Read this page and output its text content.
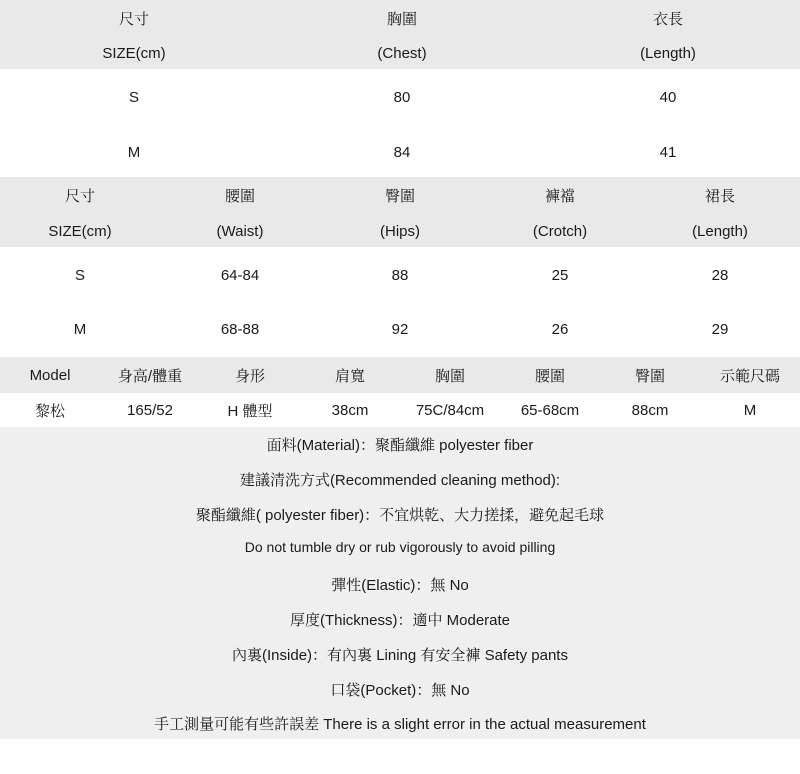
尺寸	胸圍	衣長
SIZE(cm)	(Chest)	(Length)
S	80	40
M	84	41
尺寸	腰圍	臀圍	褲襠	裙長
SIZE(cm)	(Waist)	(Hips)	(Crotch)	(Length)
S	64-84	88	25	28
M	68-88	92	26	29
Model	身高/體重	身形	肩寬	胸圍	腰圍	臀圍	示範尺碼
黎松	165/52	H 體型	38cm	75C/84cm	65-68cm	88cm	M
面料(Material)：聚酯纖維 polyester fiber
建議清洗方式(Recommended cleaning method):
聚酯纖維( polyester fiber)：不宜烘乾、大力搓揉，避免起毛球
Do not tumble dry or rub vigorously to avoid pilling
彈性(Elastic)：無 No
厚度(Thickness)：適中 Moderate
內裏(Inside)：有內裏 Lining 有安全褲 Safety pants
口袋(Pocket)：無 No
手工測量可能有些許誤差 There is a slight error in the actual measurement
